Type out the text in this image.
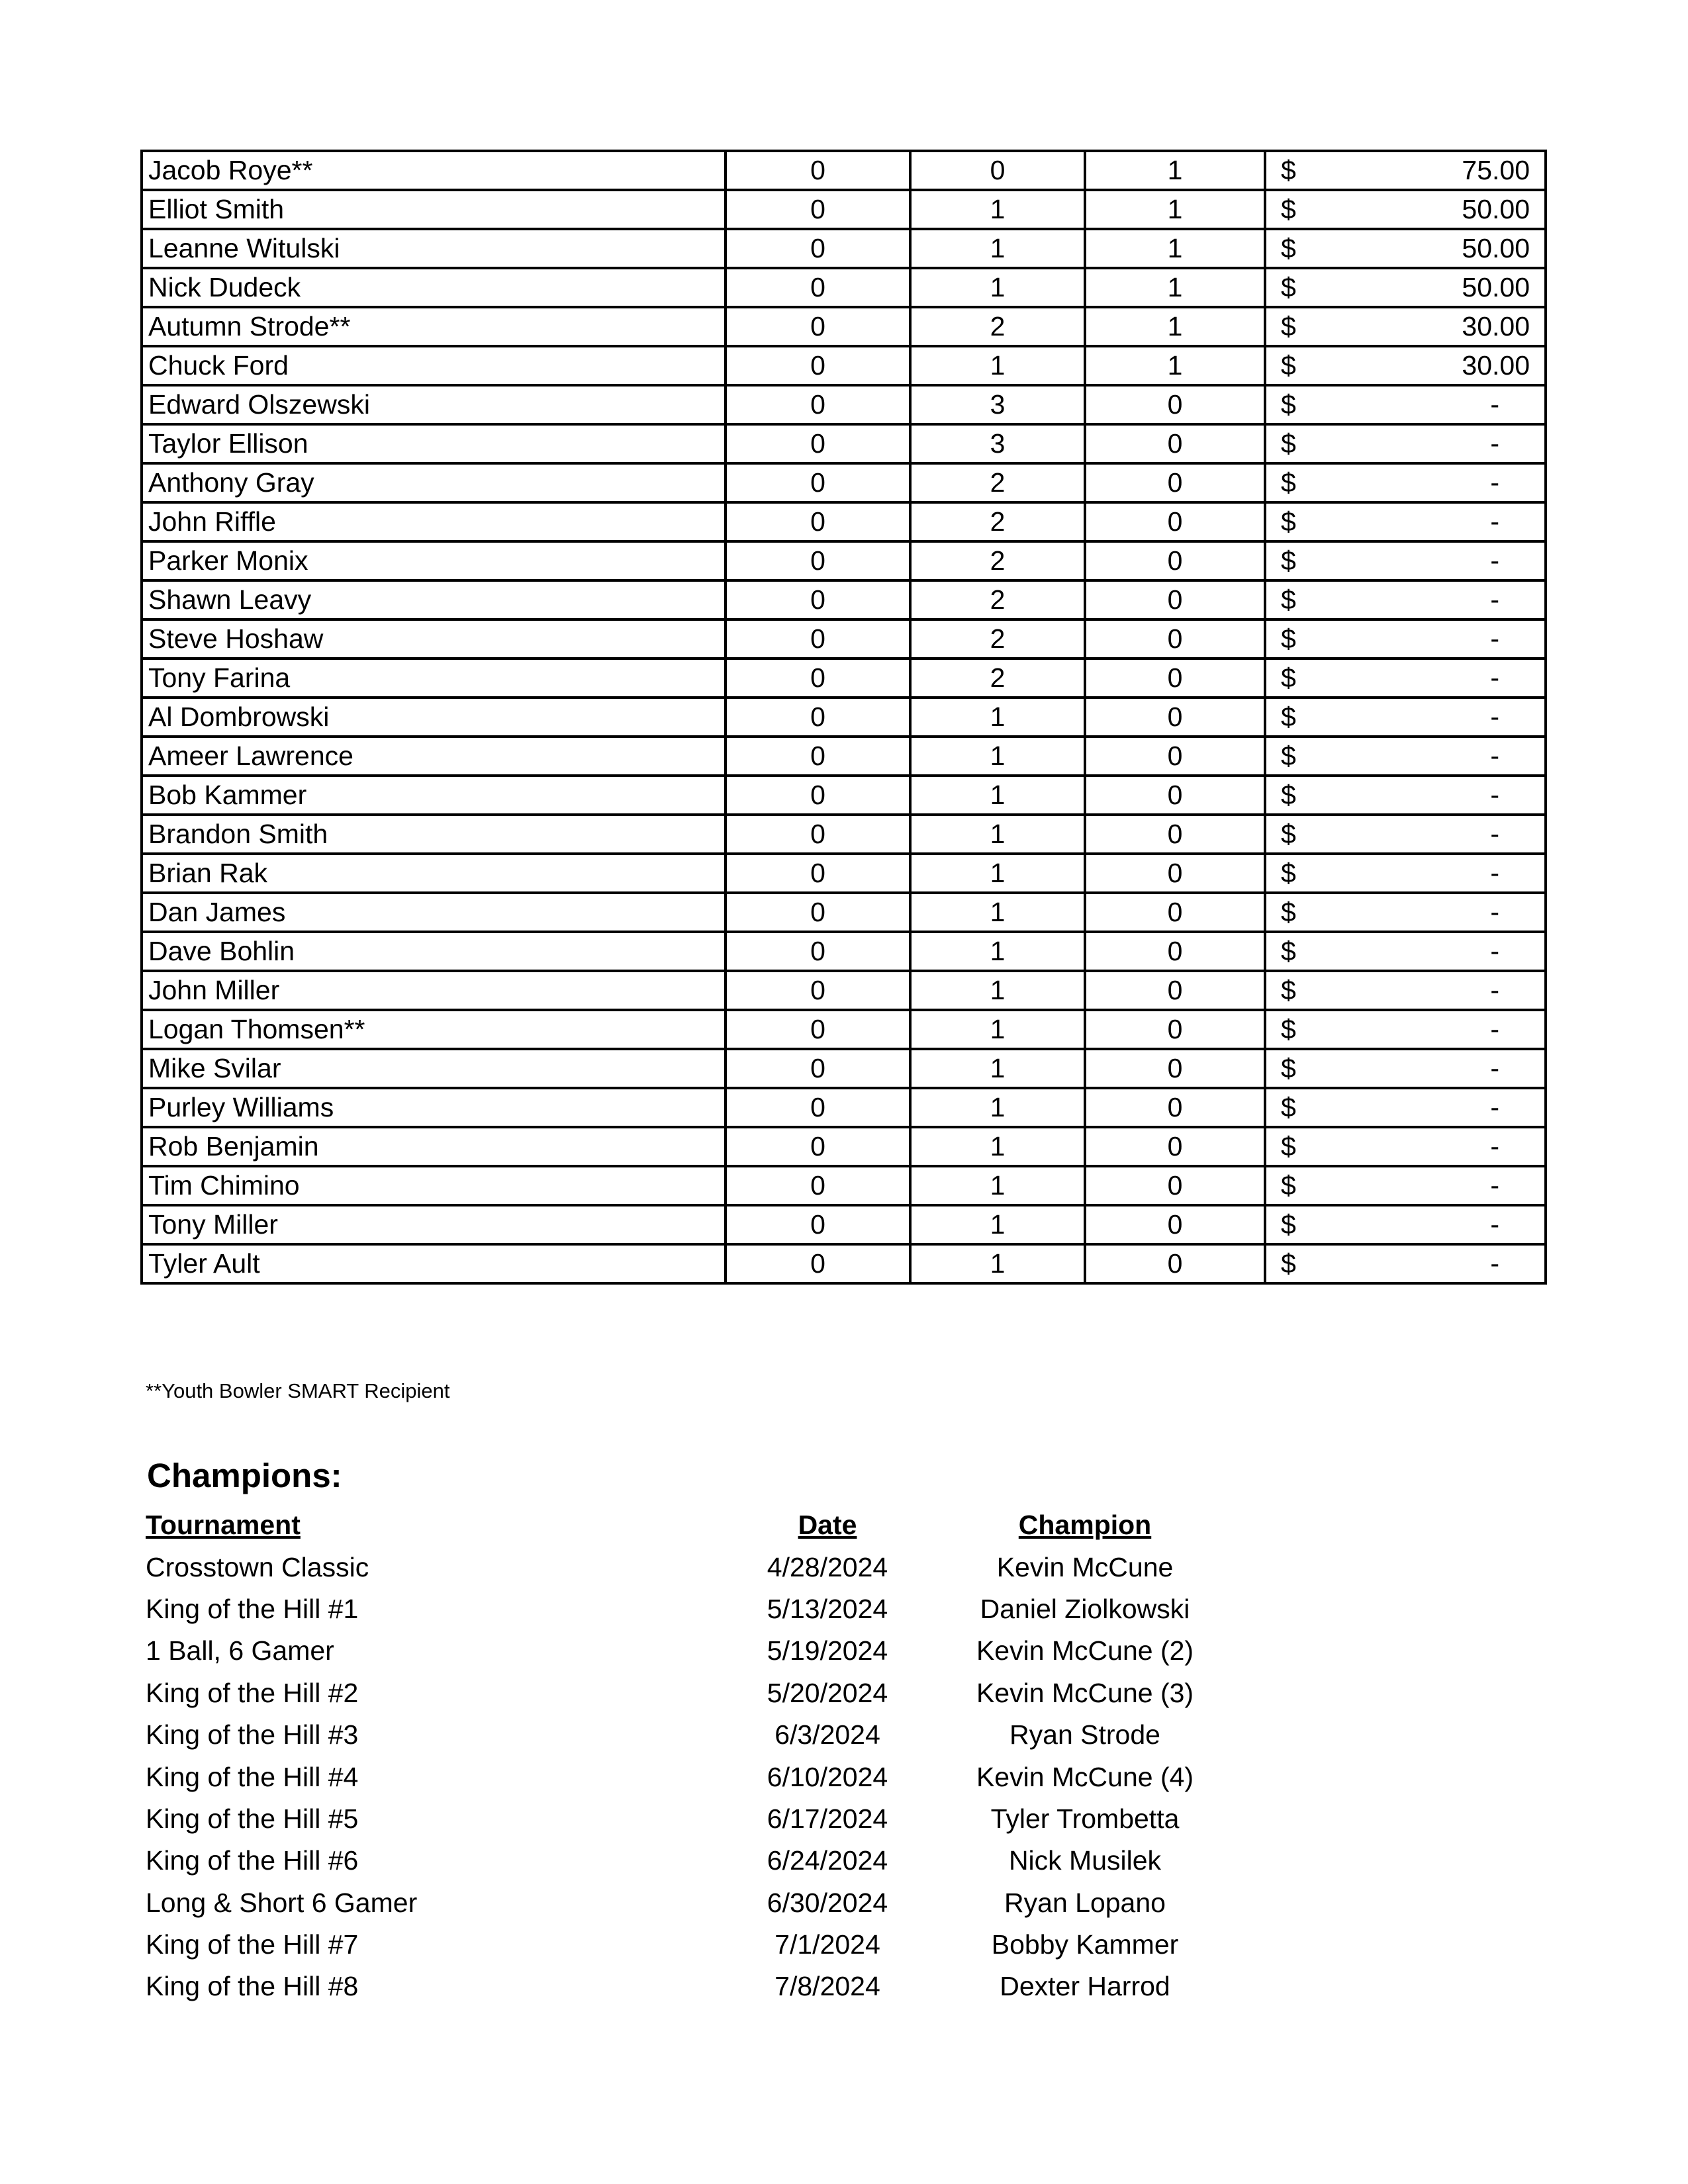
Jacob Roye**	0	0	1	$ 75.00

Elliot Smith	0	1	1	$ 50.00

Leanne Witulski	0	1	1	$ 50.00

Nick Dudeck	0	1	1	$ 50.00

Autumn Strode**	0	2	1	$ 30.00

Chuck Ford	0	1	1	$ 30.00

Edward Olszewski	0	3	0	$ -

Taylor Ellison	0	3	0	$ -

Anthony Gray	0	2	0	$ -

John Riffle	0	2	0	$ -

Parker Monix	0	2	0	$ -

Shawn Leavy	0	2	0	$ -

Steve Hoshaw	0	2	0	$ -

Tony Farina	0	2	0	$ -

Al Dombrowski	0	1	0	$ -

Ameer Lawrence	0	1	0	$ -

Bob Kammer	0	1	0	$ -

Brandon Smith	0	1	0	$ -

Brian Rak	0	1	0	$ -

Dan James	0	1	0	$ -

Dave Bohlin	0	1	0	$ -

John Miller	0	1	0	$ -

Logan Thomsen**	0	1	0	$ -

Mike Svilar	0	1	0	$ -

Purley Williams	0	1	0	$ -

Rob Benjamin	0	1	0	$ -

Tim Chimino	0	1	0	$ -

Tony Miller	0	1	0	$ -

Tyler Ault	0	1	0	$ -
**Youth Bowler SMART Recipient
Champions:
Tournament	Date	Champion
Crosstown Classic	4/28/2024	Kevin McCune
King of the Hill #1	5/13/2024	Daniel Ziolkowski
1 Ball, 6 Gamer	5/19/2024	Kevin McCune (2)
King of the Hill #2	5/20/2024	Kevin McCune (3)
King of the Hill #3	6/3/2024	Ryan Strode
King of the Hill #4	6/10/2024	Kevin McCune (4)
King of the Hill #5	6/17/2024	Tyler Trombetta
King of the Hill #6	6/24/2024	Nick Musilek
Long & Short 6 Gamer	6/30/2024	Ryan Lopano
King of the Hill #7	7/1/2024	Bobby Kammer
King of the Hill #8	7/8/2024	Dexter Harrod
